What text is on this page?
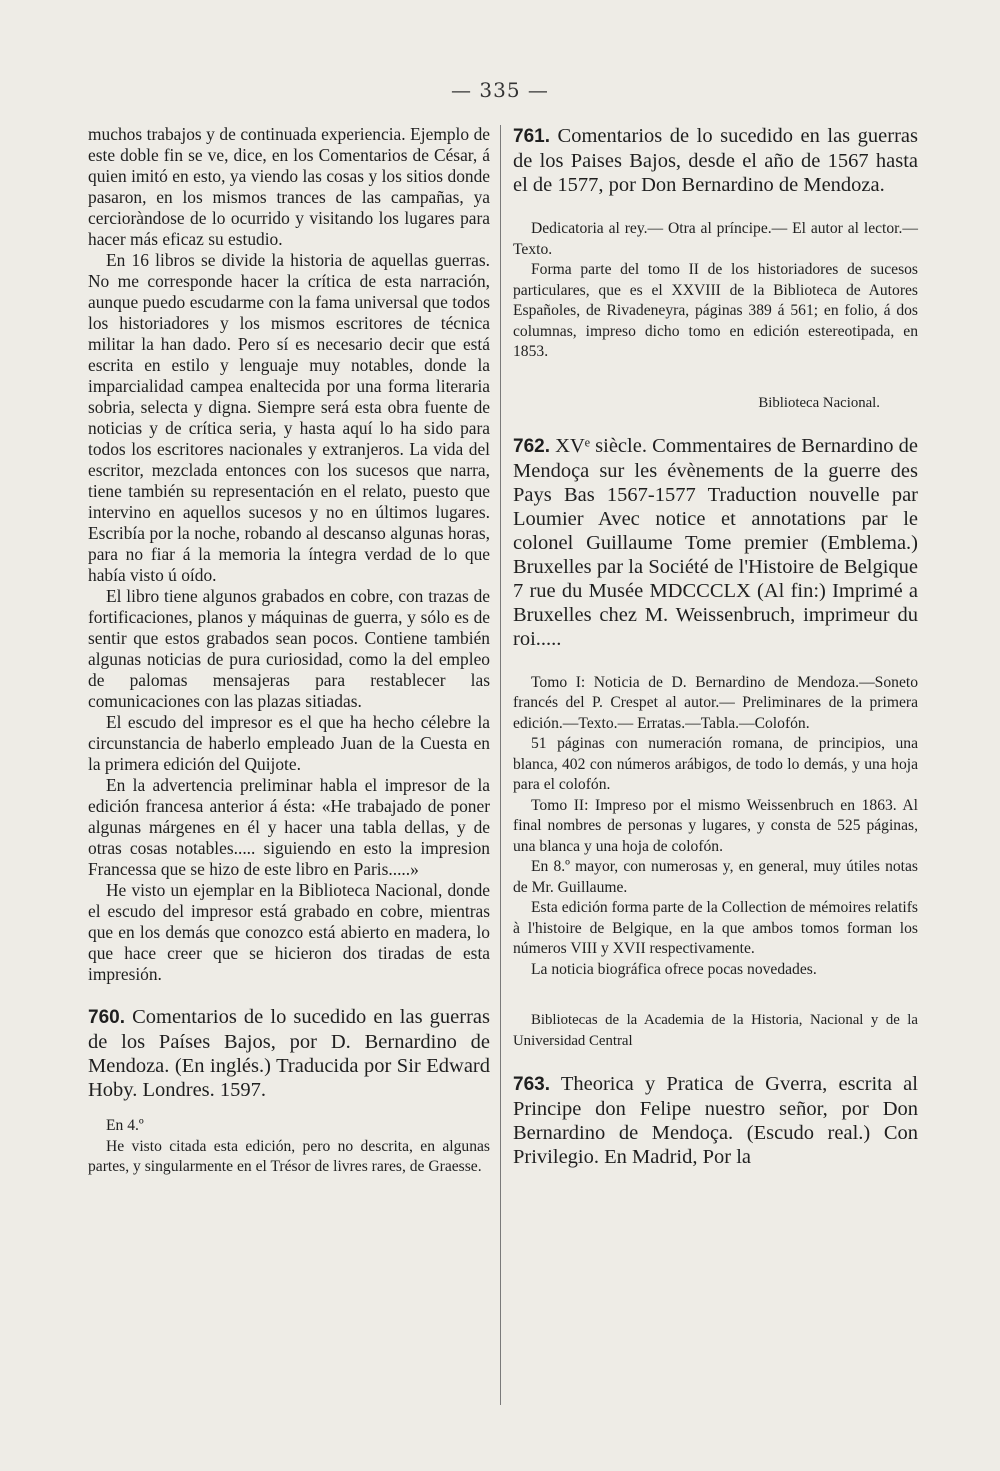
— 335 —

muchos trabajos y de continuada experiencia. Ejemplo de este doble fin se ve, dice, en los Comentarios de César, á quien imitó en esto, ya viendo las cosas y los sitios donde pasaron, en los mismos trances de las campañas, ya cercioràndose de lo ocurrido y visitando los lugares para hacer más eficaz su estudio.

En 16 libros se divide la historia de aquellas guerras. No me corresponde hacer la crítica de esta narración, aunque puedo escudarme con la fama universal que todos los historiadores y los mismos escritores de técnica militar la han dado. Pero sí es necesario decir que está escrita en estilo y lenguaje muy notables, donde la imparcialidad campea enaltecida por una forma literaria sobria, selecta y digna. Siempre será esta obra fuente de noticias y de crítica seria, y hasta aquí lo ha sido para todos los escritores nacionales y extranjeros. La vida del escritor, mezclada entonces con los sucesos que narra, tiene también su representación en el relato, puesto que intervino en aquellos sucesos y no en últimos lugares. Escribía por la noche, robando al descanso algunas horas, para no fiar á la memoria la íntegra verdad de lo que había visto ú oído.

El libro tiene algunos grabados en cobre, con trazas de fortificaciones, planos y máquinas de guerra, y sólo es de sentir que estos grabados sean pocos. Contiene también algunas noticias de pura curiosidad, como la del empleo de palomas mensajeras para restablecer las comunicaciones con las plazas sitiadas.

El escudo del impresor es el que ha hecho célebre la circunstancia de haberlo empleado Juan de la Cuesta en la primera edición del Quijote.

En la advertencia preliminar habla el impresor de la edición francesa anterior á ésta: «He trabajado de poner algunas márgenes en él y hacer una tabla dellas, y de otras cosas notables..... siguiendo en esto la impresion Francessa que se hizo de este libro en Paris.....»

He visto un ejemplar en la Biblioteca Nacional, donde el escudo del impresor está grabado en cobre, mientras que en los demás que conozco está abierto en madera, lo que hace creer que se hicieron dos tiradas de esta impresión.

760. Comentarios de lo sucedido en las guerras de los Países Bajos, por D. Bernardino de Mendoza. (En inglés.) Traducida por Sir Edward Hoby. Londres. 1597.

En 4.º

He visto citada esta edición, pero no descrita, en algunas partes, y singularmente en el Trésor de livres rares, de Graesse.

761. Comentarios de lo sucedido en las guerras de los Paises Bajos, desde el año de 1567 hasta el de 1577, por Don Bernardino de Mendoza.

Dedicatoria al rey.— Otra al príncipe.— El autor al lector.—Texto.

Forma parte del tomo II de los historiadores de sucesos particulares, que es el XXVIII de la Biblioteca de Autores Españoles, de Rivadeneyra, páginas 389 á 561; en folio, á dos columnas, impreso dicho tomo en edición estereotipada, en 1853.

Biblioteca Nacional.

762. XVᵉ siècle. Commentaires de Bernardino de Mendoça sur les évènements de la guerre des Pays Bas 1567-1577 Traduction nouvelle par Loumier Avec notice et annotations par le colonel Guillaume Tome premier (Emblema.) Bruxelles par la Société de l'Histoire de Belgique 7 rue du Musée MDCCCLX (Al fin:) Imprimé a Bruxelles chez M. Weissenbruch, imprimeur du roi.....

Tomo I: Noticia de D. Bernardino de Mendoza.—Soneto francés del P. Crespet al autor.— Preliminares de la primera edición.—Texto.— Erratas.—Tabla.—Colofón.

51 páginas con numeración romana, de principios, una blanca, 402 con números arábigos, de todo lo demás, y una hoja para el colofón.

Tomo II: Impreso por el mismo Weissenbruch en 1863. Al final nombres de personas y lugares, y consta de 525 páginas, una blanca y una hoja de colofón.

En 8.º mayor, con numerosas y, en general, muy útiles notas de Mr. Guillaume.

Esta edición forma parte de la Collection de mémoires relatifs à l'histoire de Belgique, en la que ambos tomos forman los números VIII y XVII respectivamente.

La noticia biográfica ofrece pocas novedades.

Bibliotecas de la Academia de la Historia, Nacional y de la Universidad Central

763. Theorica y Pratica de Gverra, escrita al Principe don Felipe nuestro señor, por Don Bernardino de Mendoça. (Escudo real.) Con Privilegio. En Madrid, Por la
